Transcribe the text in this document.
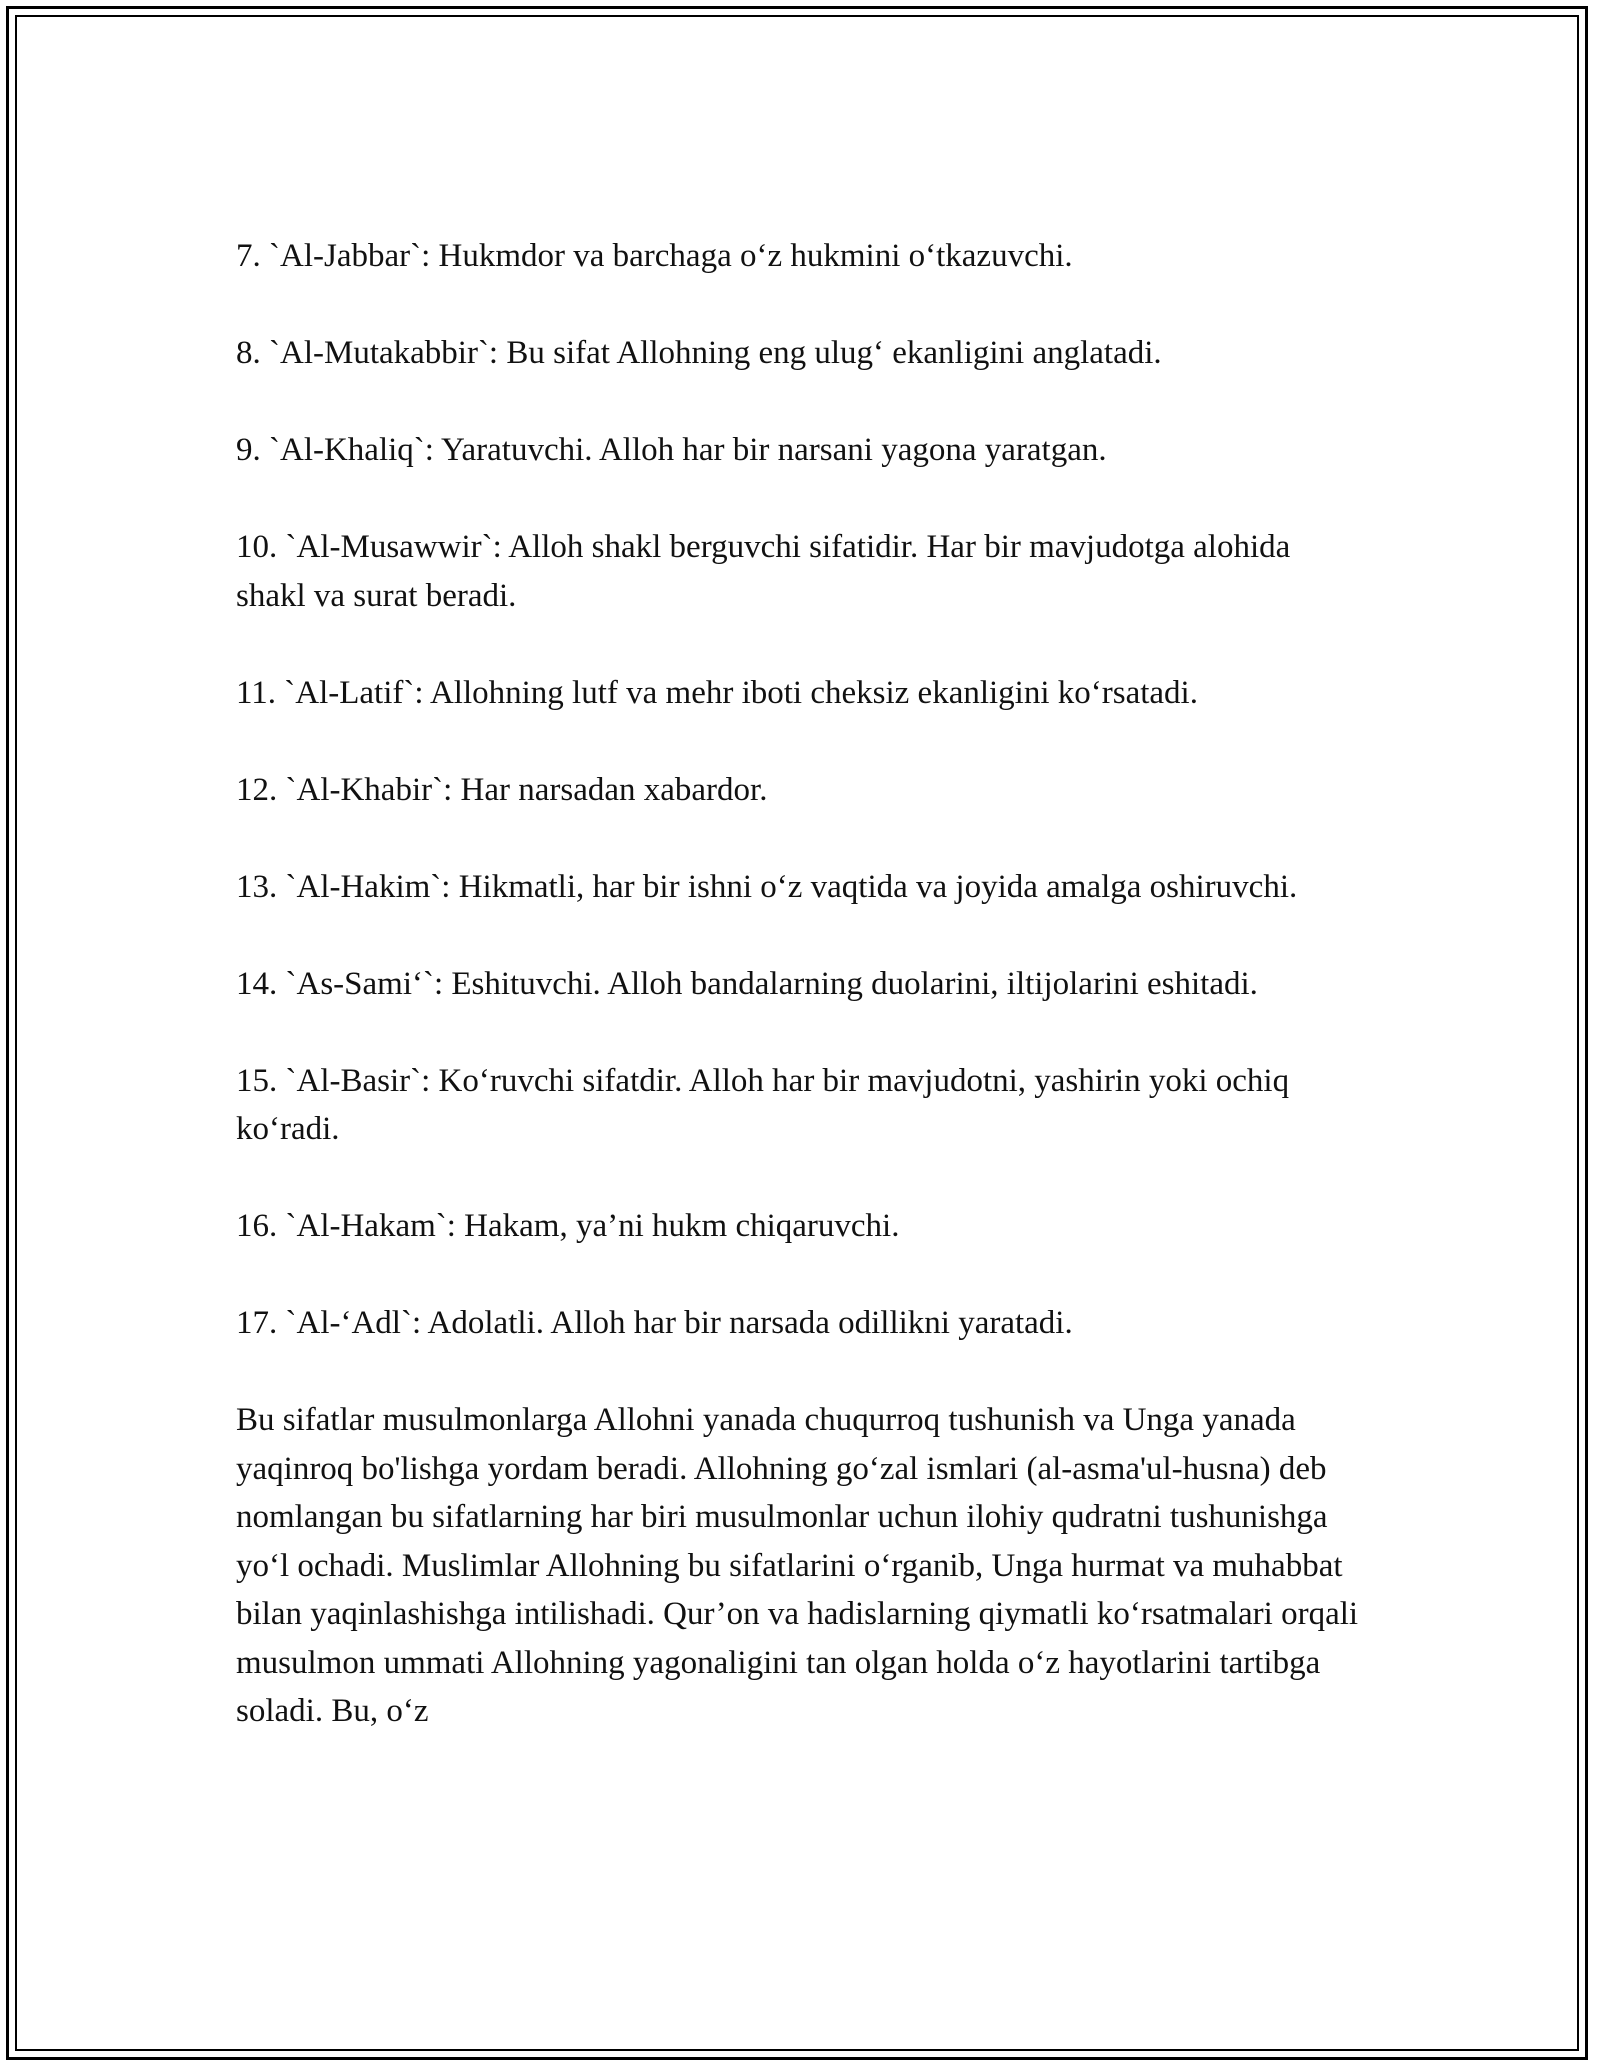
7. `Al-Jabbar`: Hukmdor va barchaga o‘z hukmini o‘tkazuvchi.

8. `Al-Mutakabbir`: Bu sifat Allohning eng ulug‘ ekanligini anglatadi.

9. `Al-Khaliq`: Yaratuvchi. Alloh har bir narsani yagona yaratgan.

10. `Al-Musawwir`: Alloh shakl berguvchi sifatidir. Har bir mavjudotga alohida shakl va surat beradi.

11. `Al-Latif`: Allohning lutf va mehr iboti cheksiz ekanligini ko‘rsatadi.

12. `Al-Khabir`: Har narsadan xabardor.

13. `Al-Hakim`: Hikmatli, har bir ishni o‘z vaqtida va joyida amalga oshiruvchi.

14. `As-Sami‘`: Eshituvchi. Alloh bandalarning duolarini, iltijolarini eshitadi.

15. `Al-Basir`: Ko‘ruvchi sifatdir. Alloh har bir mavjudotni, yashirin yoki ochiq ko‘radi.

16. `Al-Hakam`: Hakam, ya’ni hukm chiqaruvchi.

17. `Al-‘Adl`: Adolatli. Alloh har bir narsada odillikni yaratadi.

Bu sifatlar musulmonlarga Allohni yanada chuqurroq tushunish va Unga yanada yaqinroq bo'lishga yordam beradi. Allohning go‘zal ismlari (al-asma'ul-husna) deb nomlangan bu sifatlarning har biri musulmonlar uchun ilohiy qudratni tushunishga yo‘l ochadi. Muslimlar Allohning bu sifatlarini o‘rganib, Unga hurmat va muhabbat bilan yaqinlashishga intilishadi. Qur’on va hadislarning qiymatli ko‘rsatmalari orqali musulmon ummati Allohning yagonaligini tan olgan holda o‘z hayotlarini tartibga soladi. Bu, o‘z
